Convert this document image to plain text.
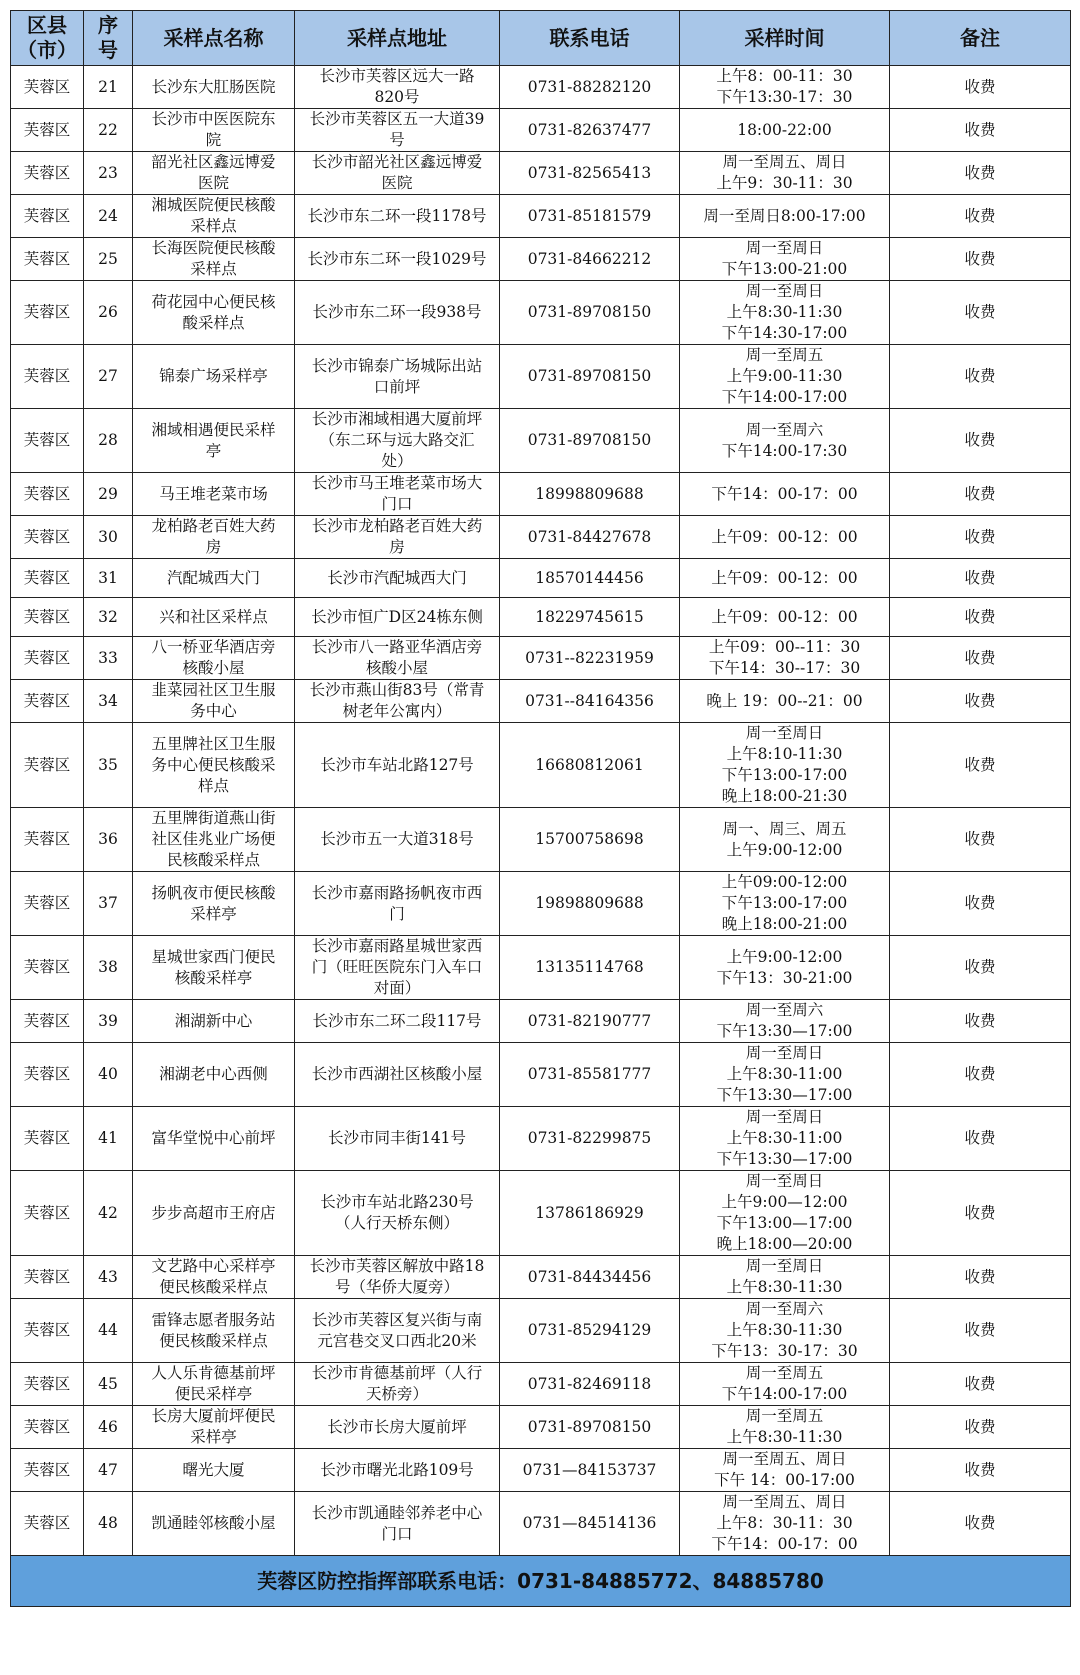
区县
（市）	序
号	采样点名称	采样点地址	联系电话	采样时间	备注
芙蓉区	21	长沙东大肛肠医院	长沙市芙蓉区远大一路
820号	0731-88282120	上午8：00-11：30
下午13:30-17：30	收费
芙蓉区	22	长沙市中医医院东
院	长沙市芙蓉区五一大道39
号	0731-82637477	18:00-22:00	收费
芙蓉区	23	韶光社区鑫远博爱
医院	长沙市韶光社区鑫远博爱
医院	0731-82565413	周一至周五、周日
上午9：30-11：30	收费
芙蓉区	24	湘城医院便民核酸
采样点	长沙市东二环一段1178号	0731-85181579	周一至周日8:00-17:00	收费
芙蓉区	25	长海医院便民核酸
采样点	长沙市东二环一段1029号	0731-84662212	周一至周日
下午13:00-21:00	收费
芙蓉区	26	荷花园中心便民核
酸采样点	长沙市东二环一段938号	0731-89708150	周一至周日
上午8:30-11:30
下午14:30-17:00	收费
芙蓉区	27	锦泰广场采样亭	长沙市锦泰广场城际出站
口前坪	0731-89708150	周一至周五
上午9:00-11:30
下午14:00-17:00	收费
芙蓉区	28	湘域相遇便民采样
亭	长沙市湘域相遇大厦前坪
（东二环与远大路交汇
处）	0731-89708150	周一至周六
下午14:00-17:30	收费
芙蓉区	29	马王堆老菜市场	长沙市马王堆老菜市场大
门口	18998809688	下午14：00-17：00	收费
芙蓉区	30	龙柏路老百姓大药
房	长沙市龙柏路老百姓大药
房	0731-84427678	上午09：00-12：00	收费
芙蓉区	31	汽配城西大门	长沙市汽配城西大门	18570144456	上午09：00-12：00	收费
芙蓉区	32	兴和社区采样点	长沙市恒广D区24栋东侧	18229745615	上午09：00-12：00	收费
芙蓉区	33	八一桥亚华酒店旁
核酸小屋	长沙市八一路亚华酒店旁
核酸小屋	0731--82231959	上午09：00--11：30
下午14：30--17：30	收费
芙蓉区	34	韭菜园社区卫生服
务中心	长沙市燕山街83号（常青
树老年公寓内）	0731--84164356	晚上 19：00--21：00	收费
芙蓉区	35	五里牌社区卫生服
务中心便民核酸采
样点	长沙市车站北路127号	16680812061	周一至周日
上午8:10-11:30
下午13:00-17:00
晚上18:00-21:30	收费
芙蓉区	36	五里牌街道燕山街
社区佳兆业广场便
民核酸采样点	长沙市五一大道318号	15700758698	周一、周三、周五
上午9:00-12:00	收费
芙蓉区	37	扬帆夜市便民核酸
采样亭	长沙市嘉雨路扬帆夜市西
门	19898809688	上午09:00-12:00
下午13:00-17:00
晚上18:00-21:00	收费
芙蓉区	38	星城世家西门便民
核酸采样亭	长沙市嘉雨路星城世家西
门（旺旺医院东门入车口
对面）	13135114768	上午9:00-12:00
下午13：30-21:00	收费
芙蓉区	39	湘湖新中心	长沙市东二环二段117号	0731-82190777	周一至周六
下午13:30—17:00	收费
芙蓉区	40	湘湖老中心西侧	长沙市西湖社区核酸小屋	0731-85581777	周一至周日
上午8:30-11:00
下午13:30—17:00	收费
芙蓉区	41	富华堂悦中心前坪	长沙市同丰街141号	0731-82299875	周一至周日
上午8:30-11:00
下午13:30—17:00	收费
芙蓉区	42	步步高超市王府店	长沙市车站北路230号
（人行天桥东侧）	13786186929	周一至周日
上午9:00—12:00
下午13:00—17:00
晚上18:00—20:00	收费
芙蓉区	43	文艺路中心采样亭
便民核酸采样点	长沙市芙蓉区解放中路18
号（华侨大厦旁）	0731-84434456	周一至周日
上午8:30-11:30	收费
芙蓉区	44	雷锋志愿者服务站
便民核酸采样点	长沙市芙蓉区复兴街与南
元宫巷交叉口西北20米	0731-85294129	周一至周六
上午8:30-11:30
下午13：30-17：30	收费
芙蓉区	45	人人乐肯德基前坪
便民采样亭	长沙市肯德基前坪（人行
天桥旁）	0731-82469118	周一至周五
下午14:00-17:00	收费
芙蓉区	46	长房大厦前坪便民
采样亭	长沙市长房大厦前坪	0731-89708150	周一至周五
上午8:30-11:30	收费
芙蓉区	47	曙光大厦	长沙市曙光北路109号	0731—84153737	周一至周五、周日
下午 14：00-17:00	收费
芙蓉区	48	凯通睦邻核酸小屋	长沙市凯通睦邻养老中心
门口	0731—84514136	周一至周五、周日
上午8：30-11：30
下午14：00-17：00	收费
芙蓉区防控指挥部联系电话：0731-84885772、84885780						
